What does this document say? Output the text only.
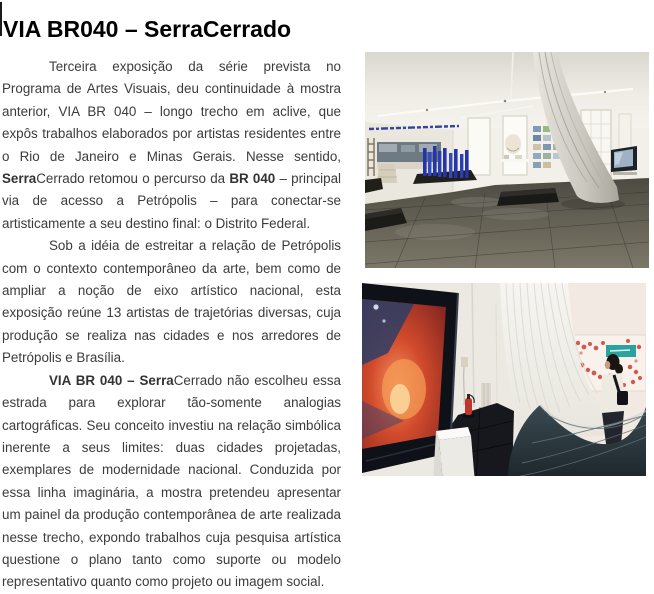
VIA BR040 – SerraCerrado

Terceira exposição da série prevista no Programa de Artes Visuais, deu continuidade à mostra anterior, VIA BR 040 – longo trecho em aclive, que expôs trabalhos elaborados por artistas residentes entre o Rio de Janeiro e Minas Gerais. Nesse sentido, SerraCerrado retomou o percurso da BR 040 – principal via de acesso a Petrópolis – para conectar-se artisticamente a seu destino final: o Distrito Federal.

Sob a idéia de estreitar a relação de Petrópolis com o contexto contemporâneo da arte, bem como de ampliar a noção de eixo artístico nacional, esta exposição reúne 13 artistas de trajetórias diversas, cuja produção se realiza nas cidades e nos arredores de Petrópolis e Brasília.

VIA BR 040 – SerraCerrado não escolheu essa estrada para explorar tão-somente analogias cartográficas. Seu conceito investiu na relação simbólica inerente a seus limites: duas cidades projetadas, exemplares de modernidade nacional. Conduzida por essa linha imaginária, a mostra pretendeu apresentar um painel da produção contemporânea de arte realizada nesse trecho, expondo trabalhos cuja pesquisa artística questione o plano tanto como suporte ou modelo representativo quanto como projeto ou imagem social.
